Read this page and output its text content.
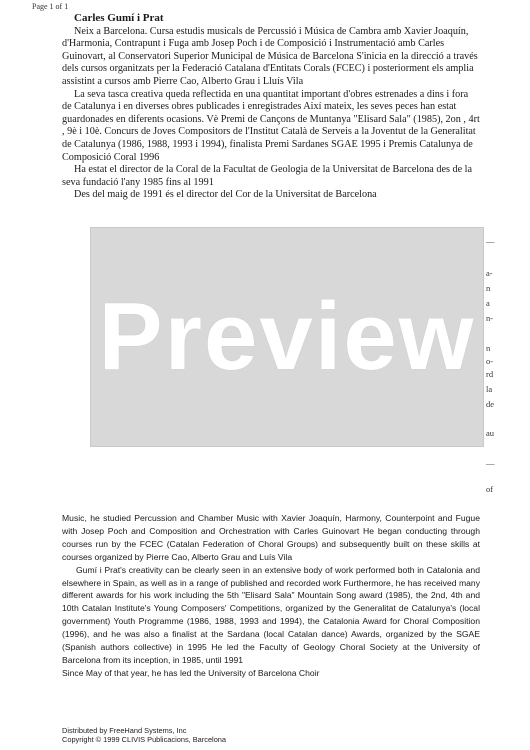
Page 1 of 1
Carles Gumí i Prat

Neix a Barcelona. Cursa estudis musicals de Percussió i Música de Cambra amb Xavier Joaquín, d'Harmonia, Contrapunt i Fuga amb Josep Poch i de Composició i Instrumentació amb Carles Guinovart, al Conservatori Superior Municipal de Música de Barcelona S'inicia en la direcció a través dels cursos organitzats per la Federació Catalana d'Entitats Corals (FCEC) i posteriorment els amplia assistint a cursos amb Pierre Cao, Alberto Grau i Lluís Vila

La seva tasca creativa queda reflectida en una quantitat important d'obres estrenades a dins i fora de Catalunya i en diverses obres publicades i enregistrades Així mateix, les seves peces han estat guardonades en diferents ocasions. Vè Premi de Cançons de Muntanya "Elisard Sala" (1985), 2on , 4rt , 9è i 10è. Concurs de Joves Compositors de l'Institut Català de Serveis a la Joventut de la Generalitat de Catalunya (1986, 1988, 1993 i 1994), finalista Premi Sardanes SGAE 1995 i Premis Catalunya de Composició Coral 1996

Ha estat el director de la Coral de la Facultat de Geologia de la Universitat de Barcelona des de la seva fundació l'any 1985 fins al 1991

Des del maig de 1991 és el director del Cor de la Universitat de Barcelona

Preview
—
a-
n
a
n-
n
o-
rd
la
de
au
—
of

Music, he studied Percussion and Chamber Music with Xavier Joaquín, Harmony, Counterpoint and Fugue with Josep Poch and Composition and Orchestration with Carles Guinovart He began conducting through courses run by the FCEC (Catalan Federation of Choral Groups) and subsequently built on these skills at courses organized by Pierre Cao, Alberto Grau and Luís Vila

Gumí i Prat's creativity can be clearly seen in an extensive body of work performed both in Catalonia and elsewhere in Spain, as well as in a range of published and recorded work Furthermore, he has received many different awards for his work including the 5th "Elisard Sala" Mountain Song award (1985), the 2nd, 4th and 10th Catalan Institute's Young Composers' Competitions, organized by the Generalitat de Catalunya's (local government) Youth Programme (1986, 1988, 1993 and 1994), the Catalonia Award for Choral Composition (1996), and he was also a finalist at the Sardana (local Catalan dance) Awards, organized by the SGAE (Spanish authors collective) in 1995 He led the Faculty of Geology Choral Society at the University of Barcelona from its inception, in 1985, until 1991

Since May of that year, he has led the University of Barcelona Choir

Distributed by FreeHand Systems, Inc
Copyright © 1999 CLIVIS Publicacions, Barcelona
